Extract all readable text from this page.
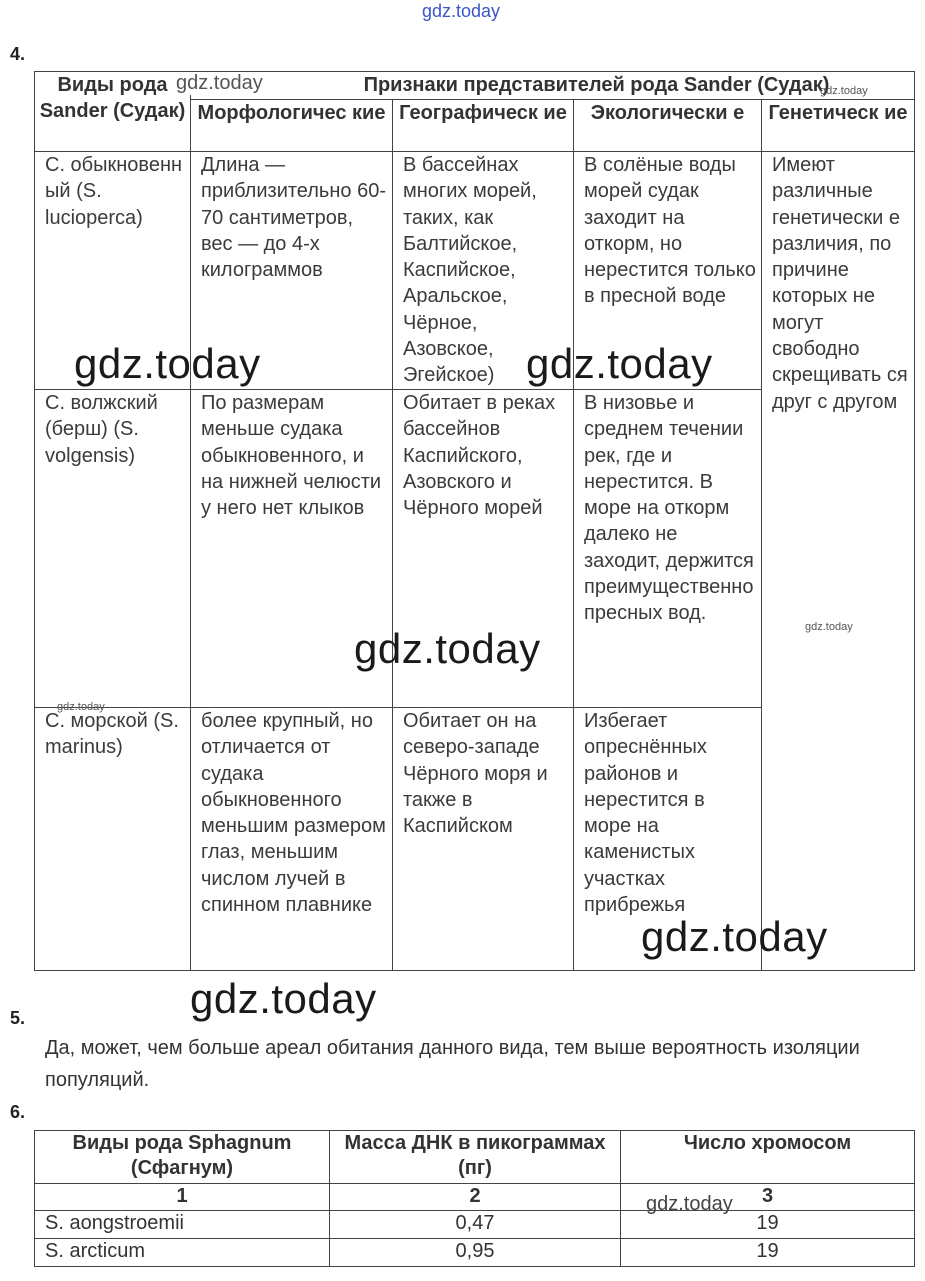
gdz.today
4.
Виды рода Sander (Судак)	Признаки представителей рода Sander (Судак)			
	Морфологичес кие	Географическ ие	Экологически е	Генетическ ие
С. обыкновенн ый (S. lucioperca)	Длина — приблизительно 60-70 сантиметров, вес — до 4-х килограммов	В бассейнах многих морей, таких, как Балтийское, Каспийское, Аральское, Чёрное, Азовское, Эгейское)	В солёные воды морей судак заходит на откорм, но нерестится только в пресной воде	Имеют различные генетически е различия, по причине которых не могут свободно скрещивать ся друг с другом
С. волжский (берш) (S. volgensis)	По размерам меньше судака обыкновенного, и на нижней челюсти у него нет клыков	Обитает в реках бассейнов Каспийского, Азовского и Чёрного морей	В низовье и среднем течении рек, где и нерестится. В море на откорм далеко не заходит, держится преимущественно пресных вод.	
С. морской (S. marinus)	более крупный, но отличается от судака обыкновенного меньшим размером глаз, меньшим числом лучей в спинном плавнике	Обитает он на северо-западе Чёрного моря и также в Каспийском	Избегает опреснённых районов и нерестится в море на каменистых участках прибрежья	
gdz.today	gdz.today
gdz.today	gdz.today
gdz.today
gdz.today
gdz.today
gdz.today
gdz.today
5.
Да, может, чем больше ареал обитания данного вида, тем выше вероятность изоляции популяций.
6.
Виды рода Sphagnum (Сфагнум)	Масса ДНК в пикограммах (пг)	Число хромосом
1	2	3
S. aongstroemii	0,47	19
S. arcticum	0,95	19
gdz.today
